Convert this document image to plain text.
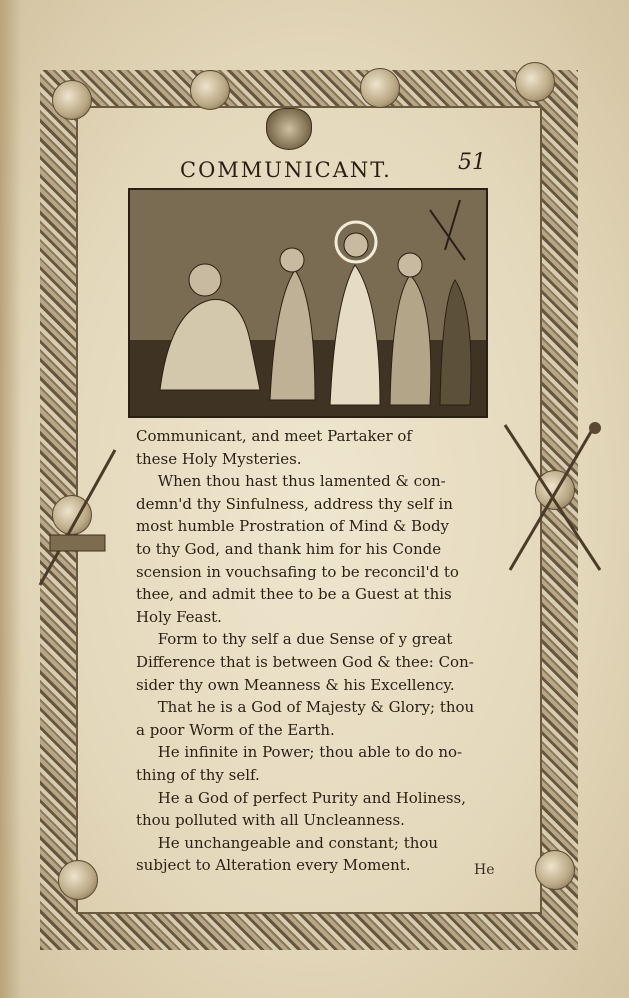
COMMUNICANT.	51
Communicant, and meet Partaker of
these Holy Mysteries.
When thou hast thus lamented & con-
demn'd thy Sinfulness, address thy self in
most humble Prostration of Mind & Body
to thy God, and thank him for his Conde
scension in vouchsafing to be reconcil'd to
thee, and admit thee to be a Guest at this
Holy Feast.
Form to thy self a due Sense of y great
Difference that is between God & thee: Con-
sider thy own Meanness & his Excellency.
That he is a God of Majesty & Glory; thou
a poor Worm of the Earth.
He infinite in Power; thou able to do no-
thing of thy self.
He a God of perfect Purity and Holiness,
thou polluted with all Uncleanness.
He unchangeable and constant; thou
subject to Alteration every Moment.	He
